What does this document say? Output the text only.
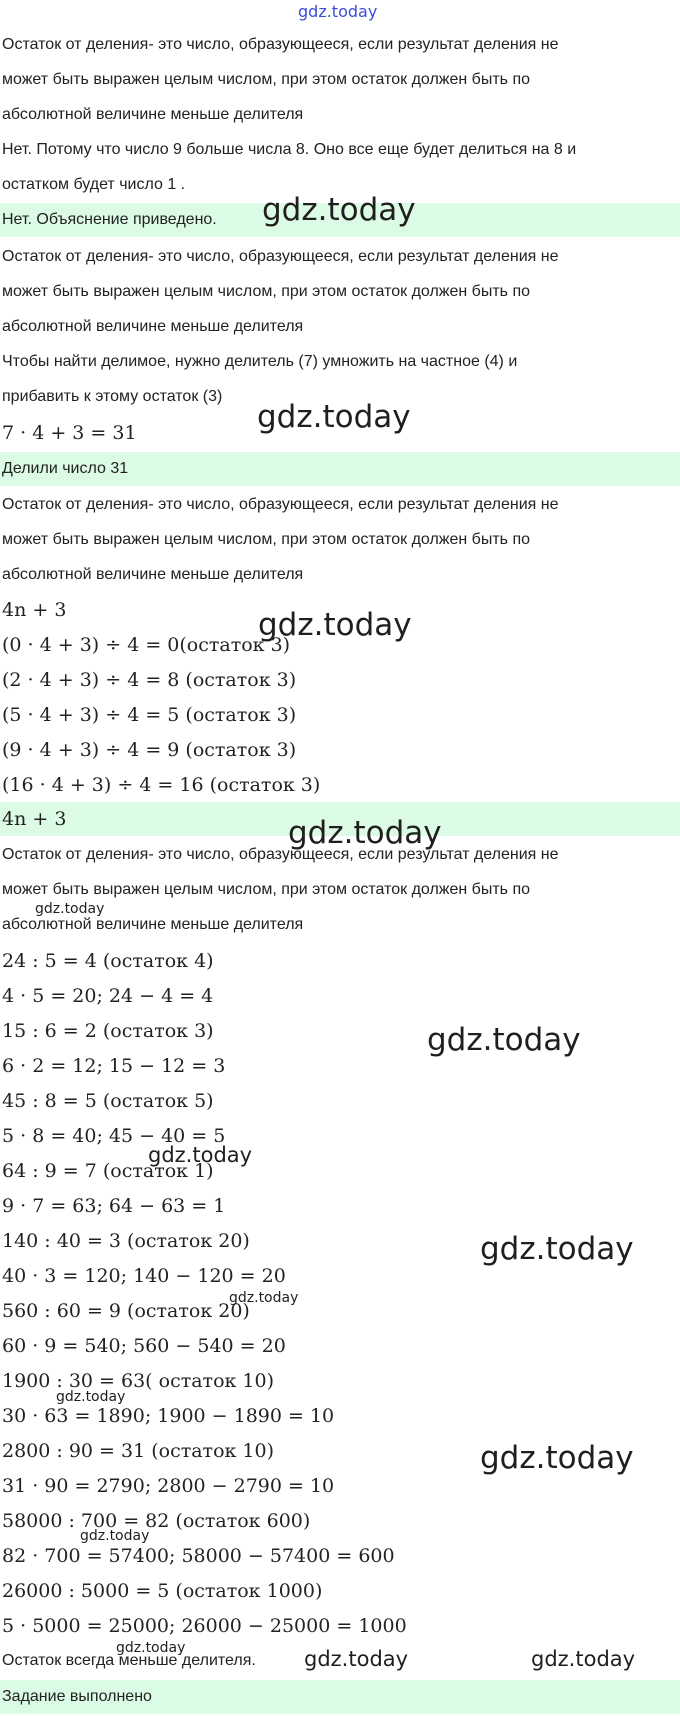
gdz.today
Остаток от деления- это число, образующееся, если результат деления не
может быть выражен целым числом, при этом остаток должен быть по
абсолютной величине меньше делителя
Нет. Потому что число 9 больше числа 8. Оно все еще будет делиться на 8 и
остатком будет число 1 .
Нет. Объяснение приведено.
Остаток от деления- это число, образующееся, если результат деления не
может быть выражен целым числом, при этом остаток должен быть по
абсолютной величине меньше делителя
Чтобы найти делимое, нужно делитель (7) умножить на частное (4) и
прибавить к этому остаток (3)
7 · 4 + 3 = 31
Делили число 31
Остаток от деления- это число, образующееся, если результат деления не
может быть выражен целым числом, при этом остаток должен быть по
абсолютной величине меньше делителя
4n + 3
(0 · 4 + 3) ÷ 4 = 0(остаток 3)
(2 · 4 + 3) ÷ 4 = 8 (остаток 3)
(5 · 4 + 3) ÷ 4 = 5 (остаток 3)
(9 · 4 + 3) ÷ 4 = 9 (остаток 3)
(16 · 4 + 3) ÷ 4 = 16 (остаток 3)
4n + 3
Остаток от деления- это число, образующееся, если результат деления не
может быть выражен целым числом, при этом остаток должен быть по
абсолютной величине меньше делителя
24 : 5 = 4 (остаток 4)
4 · 5 = 20; 24 − 4 = 4
15 : 6 = 2 (остаток 3)
6 · 2 = 12; 15 − 12 = 3
45 : 8 = 5 (остаток 5)
5 · 8 = 40; 45 − 40 = 5
64 : 9 = 7 (остаток 1)
9 · 7 = 63; 64 − 63 = 1
140 : 40 = 3 (остаток 20)
40 · 3 = 120; 140 − 120 = 20
560 : 60 = 9 (остаток 20)
60 · 9 = 540; 560 − 540 = 20
1900 : 30 = 63( остаток 10)
30 · 63 = 1890; 1900 − 1890 = 10
2800 : 90 = 31 (остаток 10)
31 · 90 = 2790; 2800 − 2790 = 10
58000 : 700 = 82 (остаток 600)
82 · 700 = 57400; 58000 − 57400 = 600
26000 : 5000 = 5 (остаток 1000)
5 · 5000 = 25000; 26000 − 25000 = 1000
Остаток всегда меньше делителя.
Задание выполнено
gdz.today
gdz.today
gdz.today
gdz.today
gdz.today
gdz.today
gdz.today
gdz.today
gdz.today
gdz.today
gdz.today
gdz.today
gdz.today	gdz.today	gdz.today
